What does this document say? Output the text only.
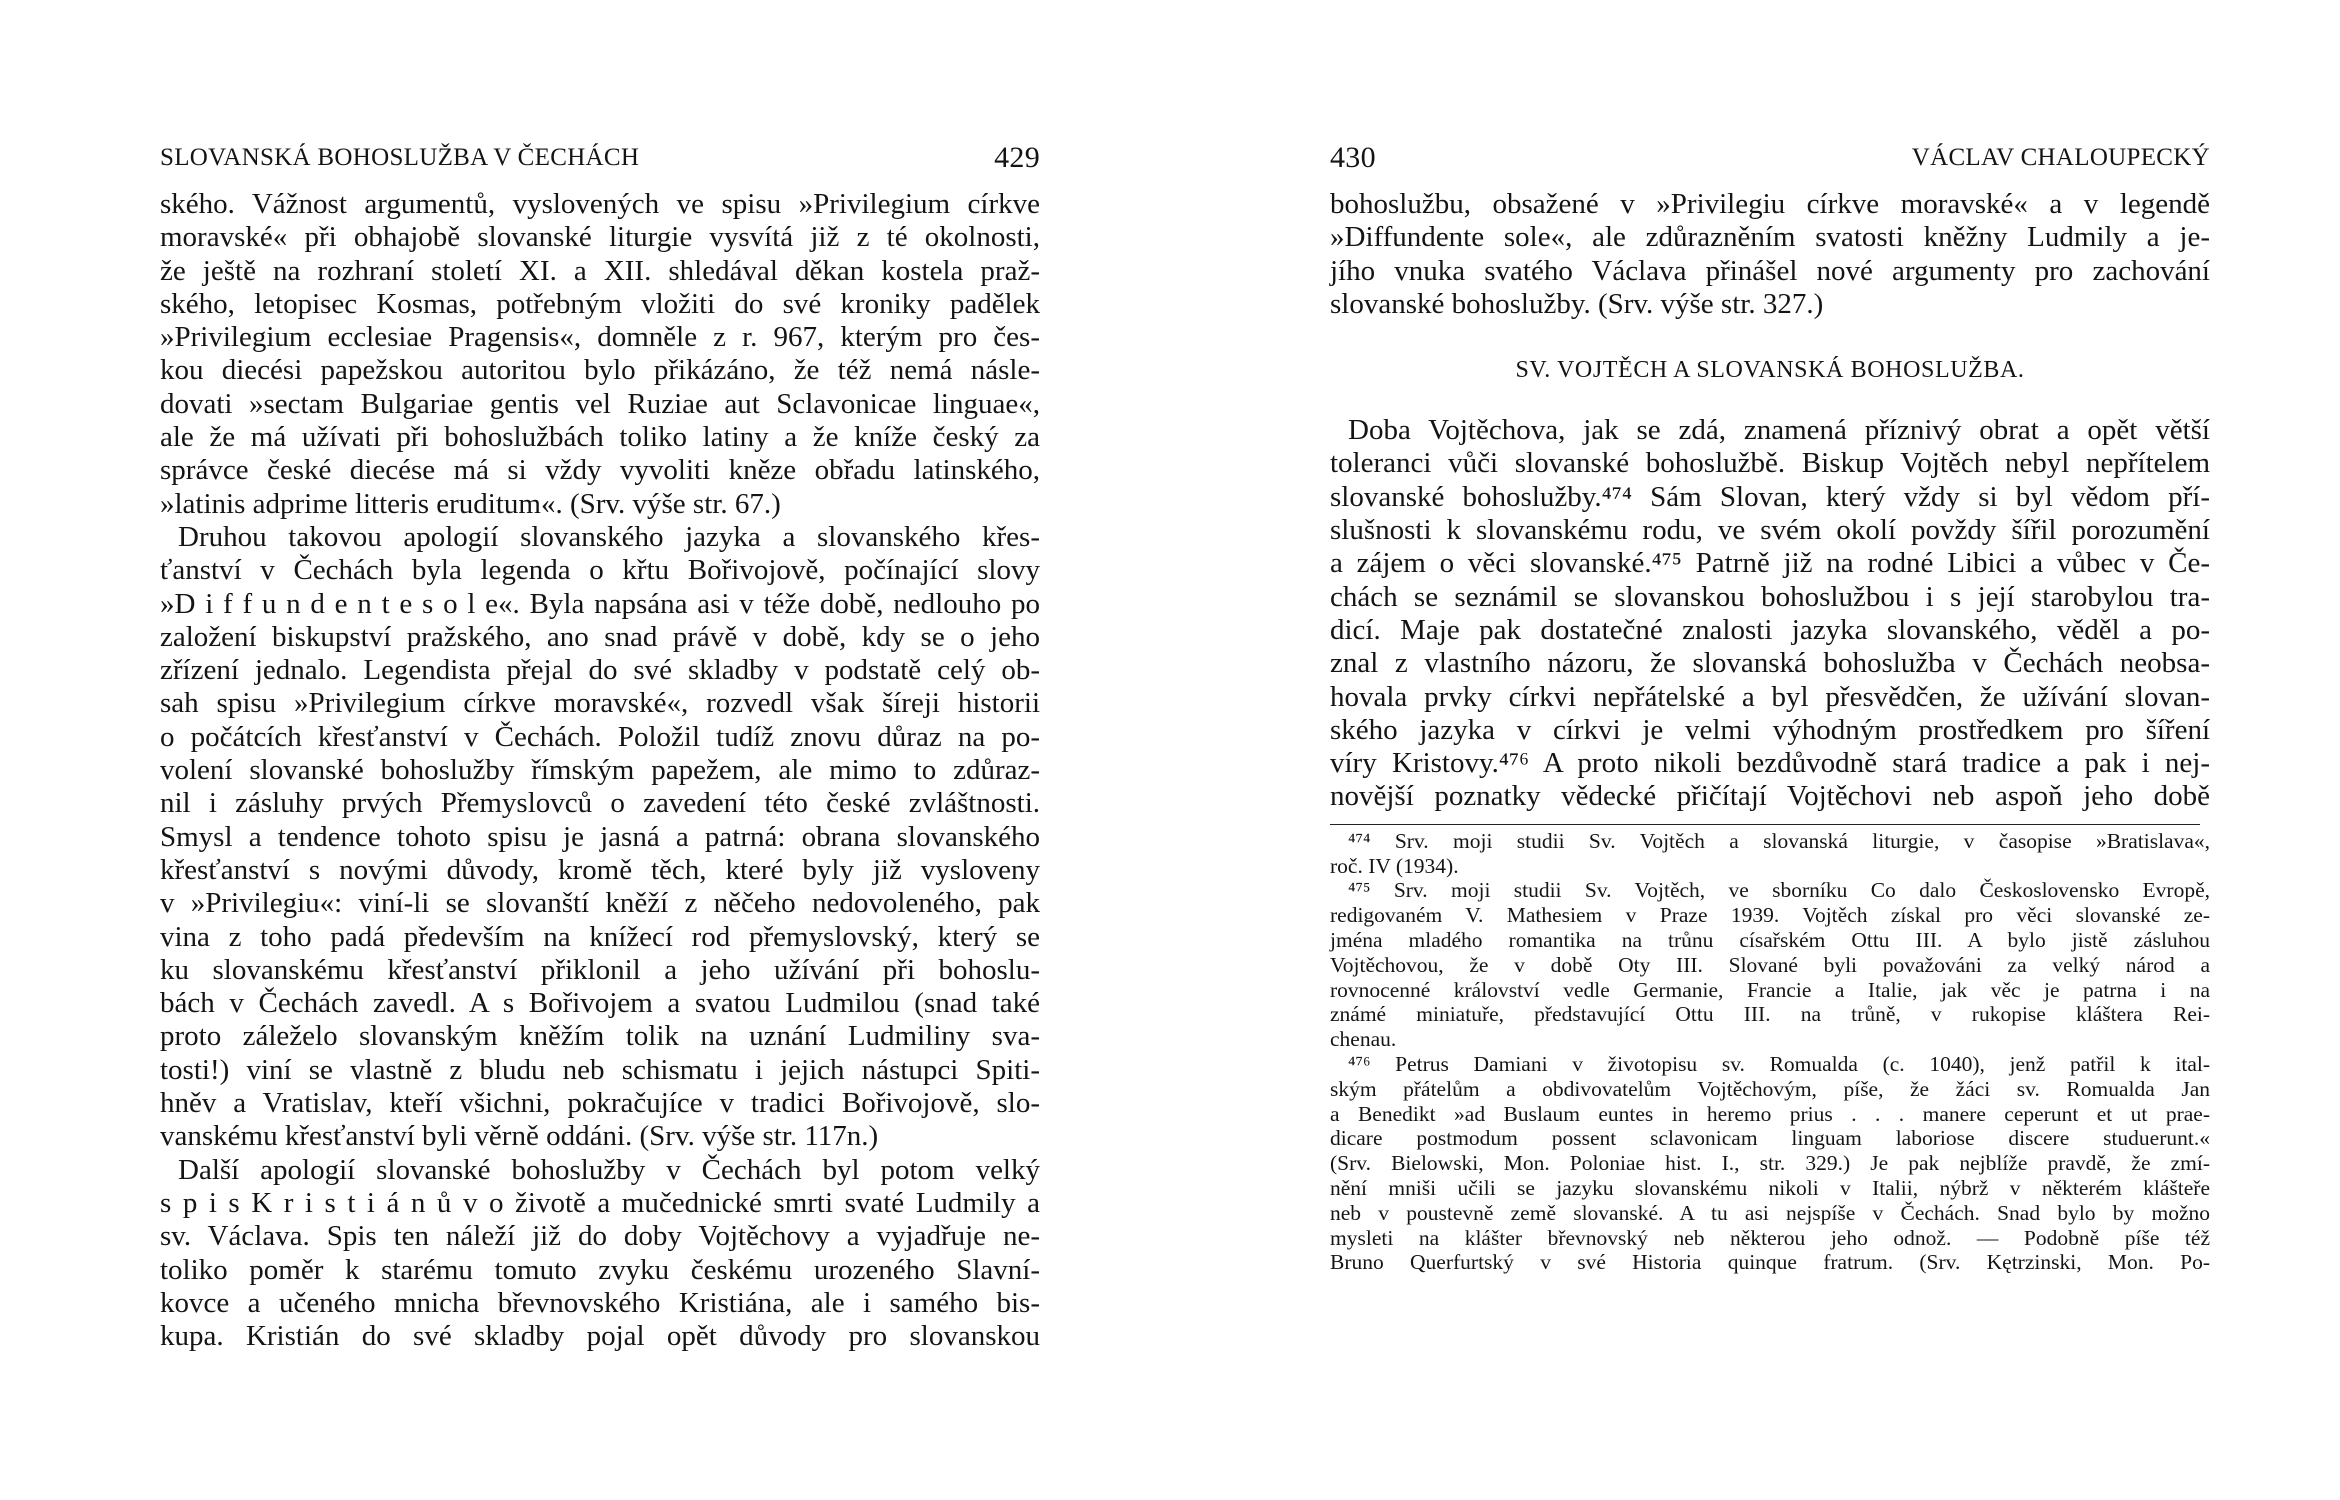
SLOVANSKÁ BOHOSLUŽBA V ČECHÁCH	429
ského. Vážnost argumentů, vyslovených ve spisu »Privilegium církve
moravské« při obhajobě slovanské liturgie vysvítá již z té okolnosti,
že ještě na rozhraní století XI. a XII. shledával děkan kostela praž-
ského, letopisec Kosmas, potřebným vložiti do své kroniky padělek
»Privilegium ecclesiae Pragensis«, domněle z r. 967, kterým pro čes-
kou diecési papežskou autoritou bylo přikázáno, že též nemá násle-
dovati »sectam Bulgariae gentis vel Ruziae aut Sclavonicae linguae«,
ale že má užívati při bohoslužbách toliko latiny a že kníže český za
správce české diecése má si vždy vyvoliti kněze obřadu latinského,
»latinis adprime litteris eruditum«. (Srv. výše str. 67.)
Druhou takovou apologií slovanského jazyka a slovanského křes-
ťanství v Čechách byla legenda o křtu Bořivojově, počínající slovy
»D i f f u n d e n t e s o l e«. Byla napsána asi v téže době, nedlouho po
založení biskupství pražského, ano snad právě v době, kdy se o jeho
zřízení jednalo. Legendista přejal do své skladby v podstatě celý ob-
sah spisu »Privilegium církve moravské«, rozvedl však šíreji historii
o počátcích křesťanství v Čechách. Položil tudíž znovu důraz na po-
volení slovanské bohoslužby římským papežem, ale mimo to zdůraz-
nil i zásluhy prvých Přemyslovců o zavedení této české zvláštnosti.
Smysl a tendence tohoto spisu je jasná a patrná: obrana slovanského
křesťanství s novými důvody, kromě těch, které byly již vysloveny
v »Privilegiu«: viní-li se slovanští kněží z něčeho nedovoleného, pak
vina z toho padá především na knížecí rod přemyslovský, který se
ku slovanskému křesťanství přiklonil a jeho užívání při bohoslu-
bách v Čechách zavedl. A s Bořivojem a svatou Ludmilou (snad také
proto záleželo slovanským kněžím tolik na uznání Ludmiliny sva-
tosti!) viní se vlastně z bludu neb schismatu i jejich nástupci Spiti-
hněv a Vratislav, kteří všichni, pokračujíce v tradici Bořivojově, slo-
vanskému křesťanství byli věrně oddáni. (Srv. výše str. 117n.)
Další apologií slovanské bohoslužby v Čechách byl potom velký
s p i s K r i s t i á n ů v o životě a mučednické smrti svaté Ludmily a
sv. Václava. Spis ten náleží již do doby Vojtěchovy a vyjadřuje ne-
toliko poměr k starému tomuto zvyku českému urozeného Slavní-
kovce a učeného mnicha břevnovského Kristiána, ale i samého bis-
kupa. Kristián do své skladby pojal opět důvody pro slovanskou
430	VÁCLAV CHALOUPECKÝ
bohoslužbu, obsažené v »Privilegiu církve moravské« a v legendě
»Diffundente sole«, ale zdůrazněním svatosti kněžny Ludmily a je-
jího vnuka svatého Václava přinášel nové argumenty pro zachování
slovanské bohoslužby. (Srv. výše str. 327.)
SV. VOJTĚCH A SLOVANSKÁ BOHOSLUŽBA.
Doba Vojtěchova, jak se zdá, znamená příznivý obrat a opět větší
toleranci vůči slovanské bohoslužbě. Biskup Vojtěch nebyl nepřítelem
slovanské bohoslužby.⁴⁷⁴ Sám Slovan, který vždy si byl vědom pří-
slušnosti k slovanskému rodu, ve svém okolí povždy šířil porozumění
a zájem o věci slovanské.⁴⁷⁵ Patrně již na rodné Libici a vůbec v Če-
chách se seznámil se slovanskou bohoslužbou i s její starobylou tra-
dicí. Maje pak dostatečné znalosti jazyka slovanského, věděl a po-
znal z vlastního názoru, že slovanská bohoslužba v Čechách neobsa-
hovala prvky církvi nepřátelské a byl přesvědčen, že užívání slovan-
ského jazyka v církvi je velmi výhodným prostředkem pro šíření
víry Kristovy.⁴⁷⁶ A proto nikoli bezdůvodně stará tradice a pak i nej-
novější poznatky vědecké přičítají Vojtěchovi neb aspoň jeho době
⁴⁷⁴ Srv. moji studii Sv. Vojtěch a slovanská liturgie, v časopise »Bratislava«,
roč. IV (1934).
⁴⁷⁵ Srv. moji studii Sv. Vojtěch, ve sborníku Co dalo Československo Evropě,
redigovaném V. Mathesiem v Praze 1939. Vojtěch získal pro věci slovanské ze-
jména mladého romantika na trůnu císařském Ottu III. A bylo jistě zásluhou
Vojtěchovou, že v době Oty III. Slované byli považováni za velký národ a
rovnocenné království vedle Germanie, Francie a Italie, jak věc je patrna i na
známé miniatuře, představující Ottu III. na trůně, v rukopise kláštera Rei-
chenau.
⁴⁷⁶ Petrus Damiani v životopisu sv. Romualda (c. 1040), jenž patřil k ital-
ským přátelům a obdivovatelům Vojtěchovým, píše, že žáci sv. Romualda Jan
a Benedikt »ad Buslaum euntes in heremo prius . . . manere ceperunt et ut prae-
dicare postmodum possent sclavonicam linguam laboriose discere studuerunt.«
(Srv. Bielowski, Mon. Poloniae hist. I., str. 329.) Je pak nejblíže pravdě, že zmí-
nění mniši učili se jazyku slovanskému nikoli v Italii, nýbrž v některém klášteře
neb v poustevně země slovanské. A tu asi nejspíše v Čechách. Snad bylo by možno
mysleti na klášter břevnovský neb některou jeho odnož. — Podobně píše též
Bruno Querfurtský v své Historia quinque fratrum. (Srv. Kętrzinski, Mon. Po-
